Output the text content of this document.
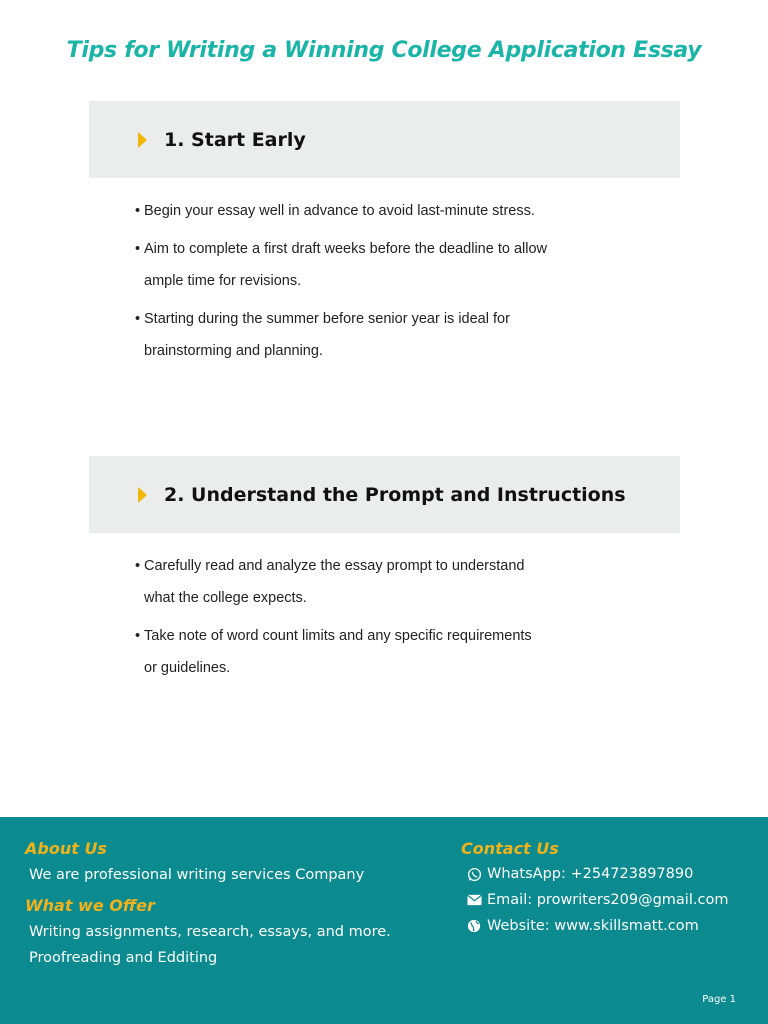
Tips for Writing a Winning College Application Essay
1. Start Early
• Begin your essay well in advance to avoid last-minute stress.
• Aim to complete a first draft weeks before the deadline to allow ample time for revisions.
• Starting during the summer before senior year is ideal for brainstorming and planning.
2. Understand the Prompt and Instructions
• Carefully read and analyze the essay prompt to understand what the college expects.
• Take note of word count limits and any specific requirements or guidelines.
About Us
We are professional writing services Company
What we Offer
Writing assignments, research, essays, and more.
Proofreading and Edditing
Contact Us
WhatsApp: +254723897890
Email: prowriters209@gmail.com
Website: www.skillsmatt.com
Page 1
